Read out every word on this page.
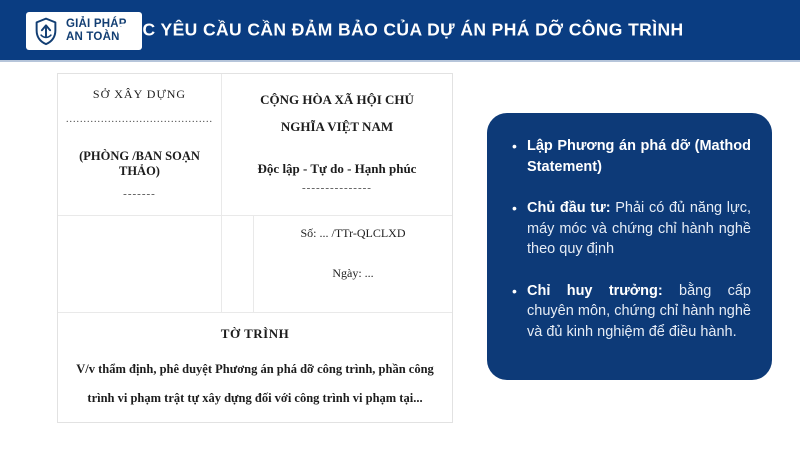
GIẢI PHÁP
AN TOÀN
CÁC YÊU CẦU CẦN ĐẢM BẢO CỦA DỰ ÁN PHÁ DỠ CÔNG TRÌNH
SỞ XÂY DỰNG
..........................................
(PHÒNG /BAN SOẠN THẢO)
-------
CỘNG HÒA XÃ HỘI CHỦ NGHĨA VIỆT NAM
Độc lập - Tự do - Hạnh phúc
---------------
Số: ... /TTr-QLCLXD
Ngày: ...
TỜ TRÌNH
V/v thẩm định, phê duyệt Phương án phá dỡ công trình, phần công trình vi phạm trật tự xây dựng đối với công trình vi phạm tại...
• Lập Phương án phá dỡ (Mathod Statement)
• Chủ đầu tư: Phải có đủ năng lực, máy móc và chứng chỉ hành nghề theo quy định
• Chỉ huy trưởng: bằng cấp chuyên môn, chứng chỉ hành nghề và đủ kinh nghiệm để điều hành.
